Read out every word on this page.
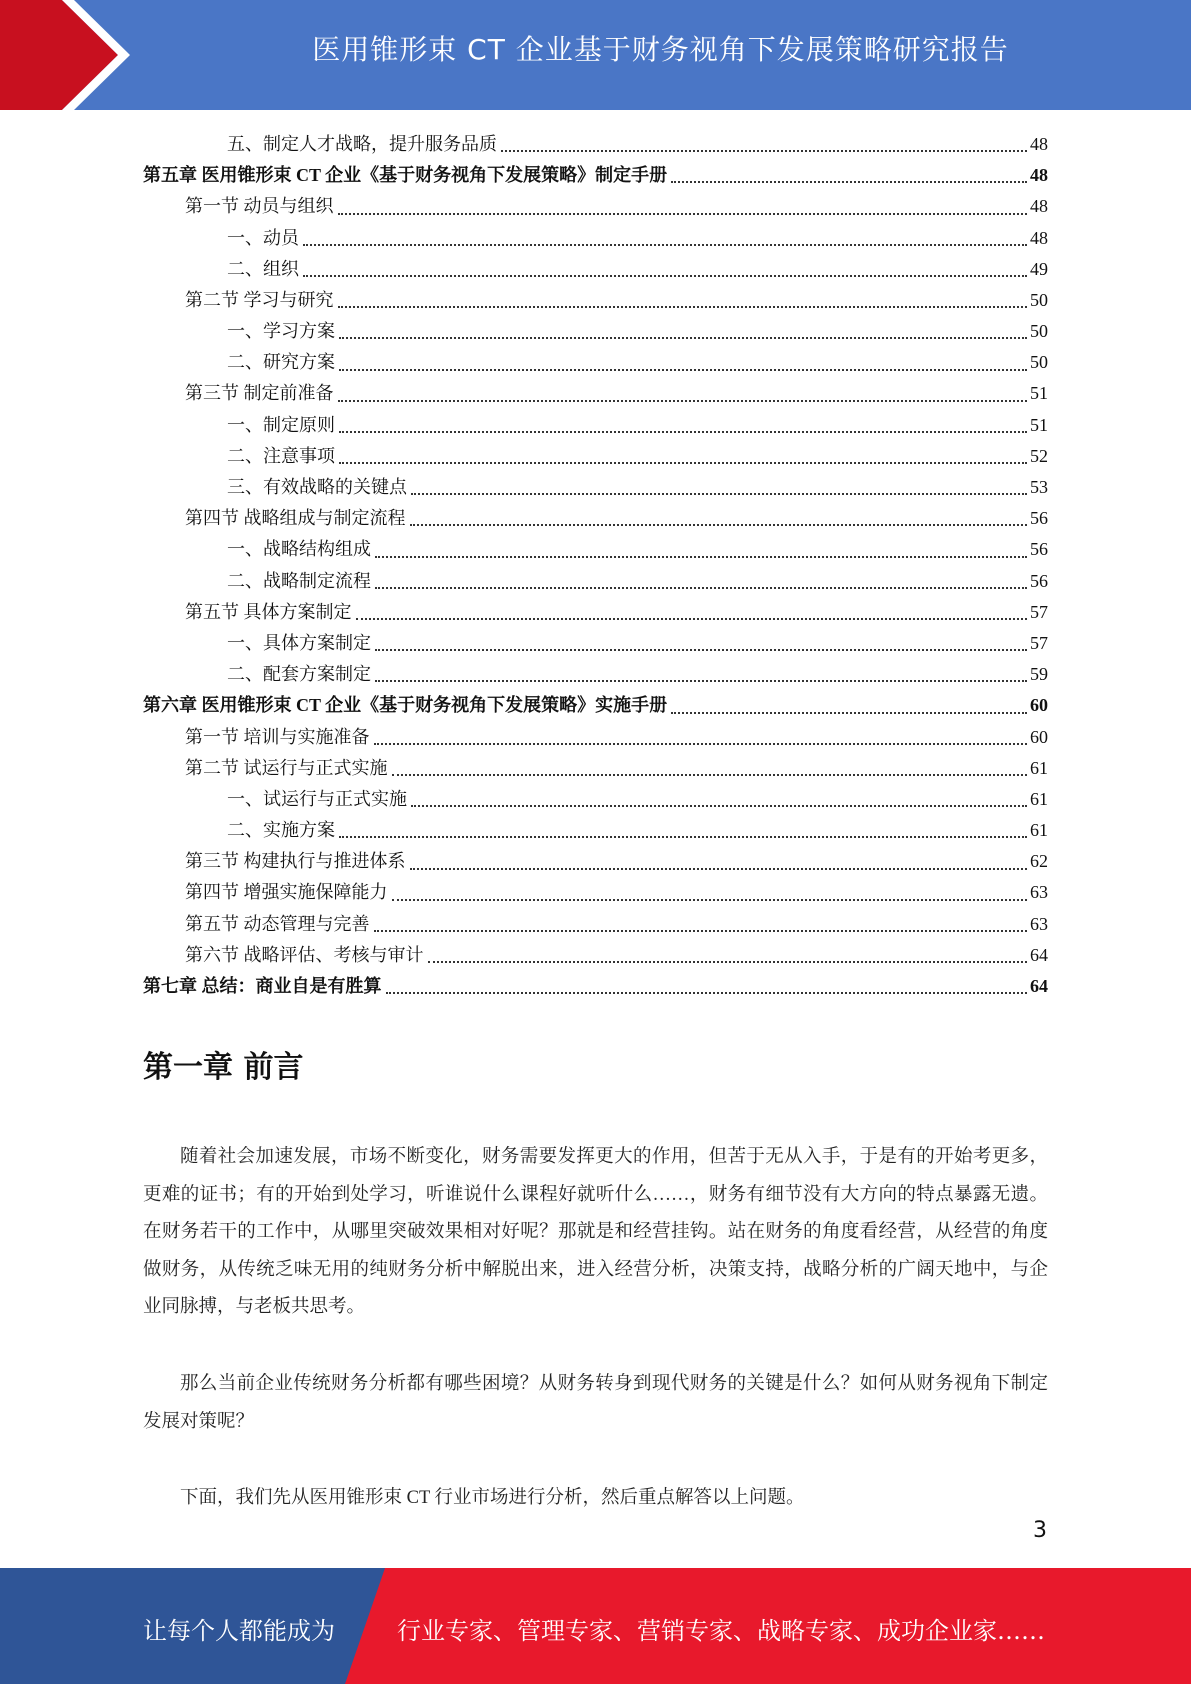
医用锥形束 CT 企业基于财务视角下发展策略研究报告
五、制定人才战略，提升服务品质	48
第五章 医用锥形束 CT 企业《基于财务视角下发展策略》制定手册	48
第一节 动员与组织	48
一、动员	48
二、组织	49
第二节 学习与研究	50
一、学习方案	50
二、研究方案	50
第三节 制定前准备	51
一、制定原则	51
二、注意事项	52
三、有效战略的关键点	53
第四节 战略组成与制定流程	56
一、战略结构组成	56
二、战略制定流程	56
第五节 具体方案制定	57
一、具体方案制定	57
二、配套方案制定	59
第六章 医用锥形束 CT 企业《基于财务视角下发展策略》实施手册	60
第一节 培训与实施准备	60
第二节 试运行与正式实施	61
一、试运行与正式实施	61
二、实施方案	61
第三节 构建执行与推进体系	62
第四节 增强实施保障能力	63
第五节 动态管理与完善	63
第六节 战略评估、考核与审计	64
第七章 总结：商业自是有胜算	64
第一章 前言

随着社会加速发展，市场不断变化，财务需要发挥更大的作用，但苦于无从入手，于是有的开始考更多，更难的证书；有的开始到处学习，听谁说什么课程好就听什么……，财务有细节没有大方向的特点暴露无遗。在财务若干的工作中，从哪里突破效果相对好呢？那就是和经营挂钩。站在财务的角度看经营，从经营的角度做财务，从传统乏味无用的纯财务分析中解脱出来，进入经营分析，决策支持，战略分析的广阔天地中，与企业同脉搏，与老板共思考。

那么当前企业传统财务分析都有哪些困境？从财务转身到现代财务的关键是什么？如何从财务视角下制定发展对策呢？

下面，我们先从医用锥形束 CT 行业市场进行分析，然后重点解答以上问题。

3
让每个人都能成为	行业专家、管理专家、营销专家、战略专家、成功企业家……
